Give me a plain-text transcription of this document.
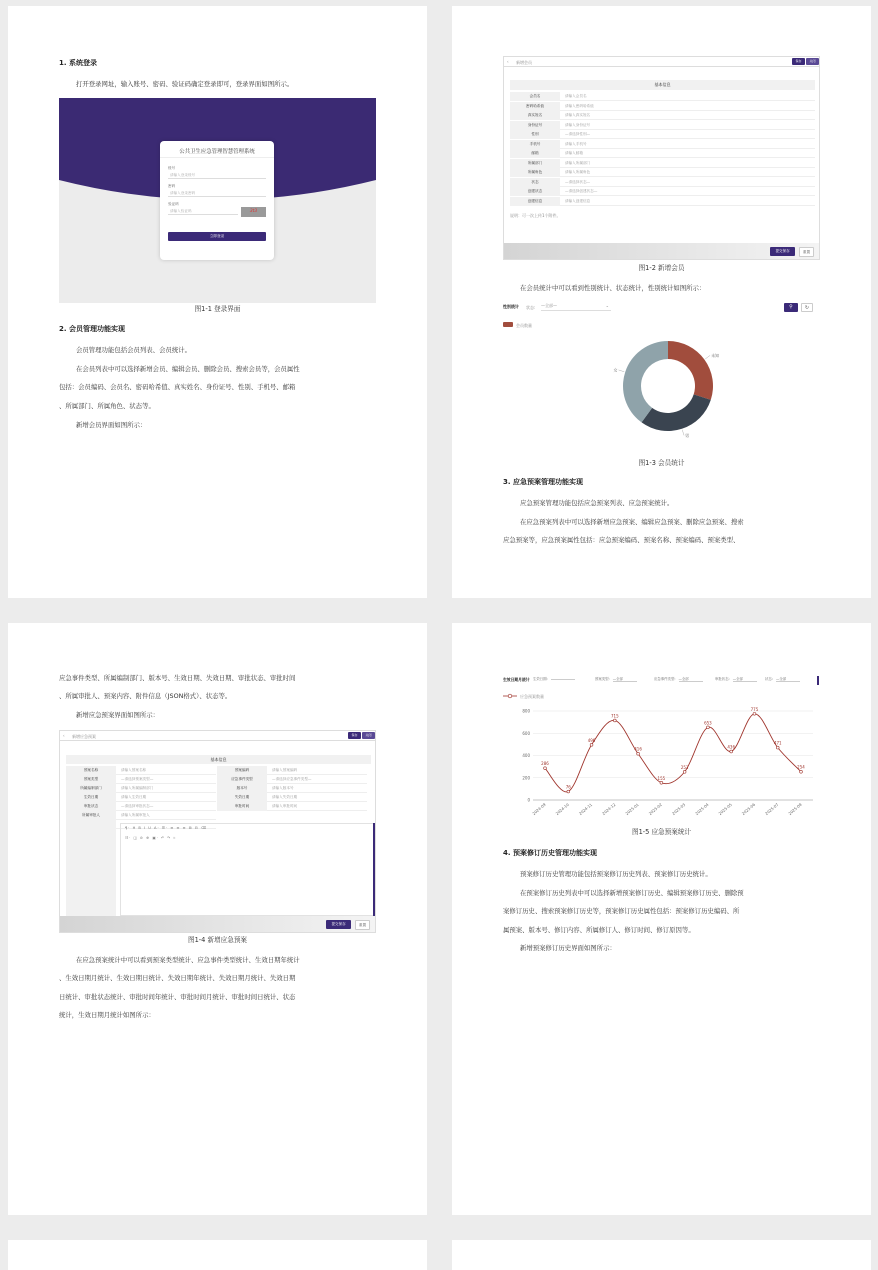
1. 系统登录
打开登录网址，输入账号、密码、验证码确定登录即可，登录界面如图所示。
公共卫生应急管理智慧管理系统
账号
请输入登录账号
密码
请输入登录密码
验证码
请输入验证码	3t3
立即登录
图1-1 登录界面
2. 会员管理功能实现
会员管理功能包括会员列表、会员统计。
在会员列表中可以选择新增会员、编辑会员、删除会员、搜索会员等，会员属性
包括：会员编码、会员名、密码哈希值、真实姓名、身份证号、性别、手机号、邮箱
、所属部门、所属角色、状态等。
新增会员界面如图所示：
‹ 新增会员	保存	关闭
基本信息
会员名	请输入会员名
密码哈希值	请输入密码哈希值
真实姓名	请输入真实姓名
身份证号	请输入身份证号
性别	—请选择性别—
手机号	请输入手机号
邮箱	请输入邮箱
所属部门	请输入所属部门
所属角色	请输入所属角色
状态	—请选择状态—
创建状态	—请选择创建状态—
创建信息	请输入创建信息
说明：可一次上传1个附件。
提交保存	重置
图1-2 新增会员
在会员统计中可以看到性别统计、状态统计，性别统计如图所示：
性别统计 状态: —全部—	⌄	⚲	↻
会员数量
未知
男
女
图1-3 会员统计
3. 应急预案管理功能实现
应急预案管理功能包括应急预案列表、应急预案统计。
在应急预案列表中可以选择新增应急预案、编辑应急预案、删除应急预案、搜索
应急预案等，应急预案属性包括：应急预案编码、预案名称、预案编码、预案类型、
应急事件类型、所属编制部门、版本号、生效日期、失效日期、审批状态、审批时间
、所属审批人、预案内容、附件信息（JSON格式）、状态等。
新增应急预案界面如图所示：
‹ 新增应急预案	保存	关闭
基本信息
预案名称	请输入预案名称
预案类型	—请选择预案类型—
所属编制部门	请输入所属编制部门
生效日期	请输入生效日期
审批状态	—请选择审批状态—
所属审批人	请输入所属审批人
预案编码	请输入预案编码
应急事件类型	—请选择应急事件类型—
版本号	请输入版本号
失效日期	请输入失效日期
审批时间	请输入审批时间
¶· H B I U A· ☰· ≡ ≡ ≡ ⊞ ⊟ ⌫
☷· ◫ ⊘ ⊕ ▣· ↶ ↷ ⌗
提交保存	重置
图1-4 新增应急预案
在应急预案统计中可以看到预案类型统计、应急事件类型统计、生效日期年统计
、生效日期月统计、生效日期日统计、失效日期年统计、失效日期月统计、失效日期
日统计、审批状态统计、审批时间年统计、审批时间月统计、审批时间日统计、状态
统计，生效日期月统计如图所示：
生效日期月统计 生效日期:	预案类型: —全部	应急事件类型: —全部	审批状态: —全部	状态: —全部
应急预案数量
0
200
400
600
800
286
2024-09
76
2024-10
496
2024-11
715
2024-12
416
2025-01
155
2025-02
253
2025-03
653
2025-04
436
2025-05
775
2025-06
471
2025-07
254
2025-08
图1-5 应急预案统计
4. 预案修订历史管理功能实现
预案修订历史管理功能包括预案修订历史列表、预案修订历史统计。
在预案修订历史列表中可以选择新增预案修订历史、编辑预案修订历史、删除预
案修订历史、搜索预案修订历史等，预案修订历史属性包括：预案修订历史编码、所
属预案、版本号、修订内容、所属修订人、修订时间、修订原因等。
新增预案修订历史界面如图所示：
